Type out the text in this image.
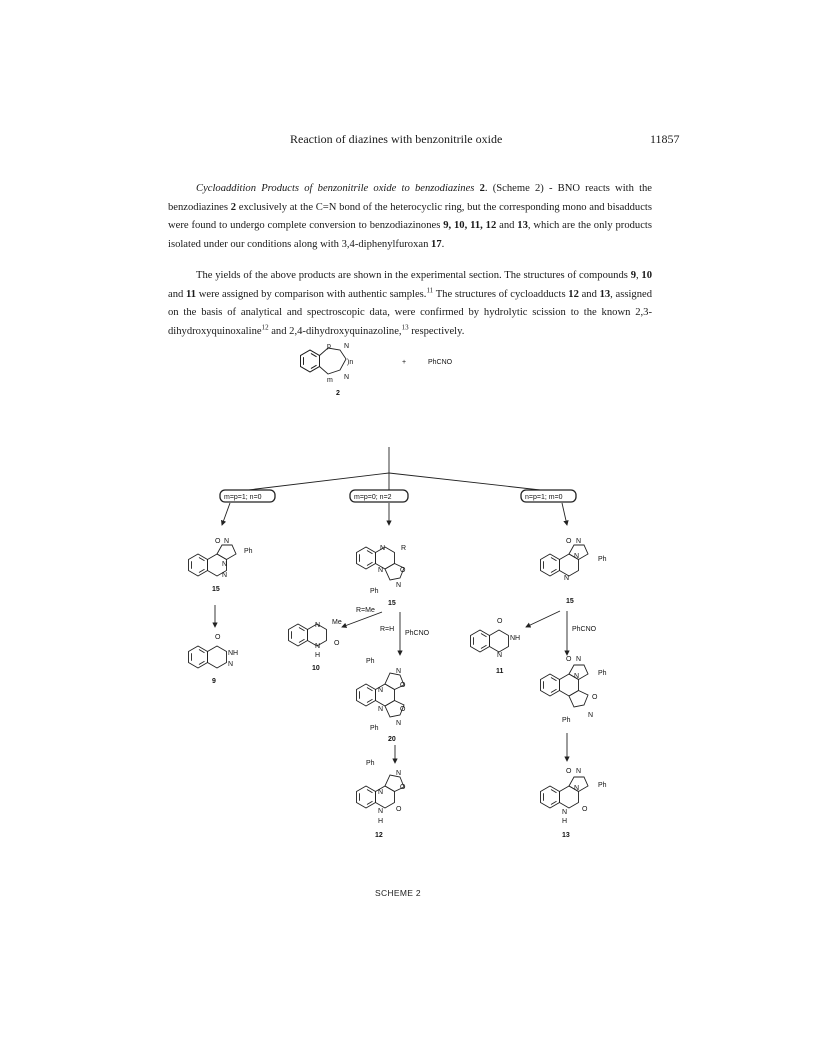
Reaction of diazines with benzonitrile oxide	11857
Cycloaddition Products of benzonitrile oxide to benzodiazines 2. (Scheme 2) - BNO reacts with the benzodiazines 2 exclusively at the C=N bond of the heterocyclic ring, but the corresponding mono and bisadducts were found to undergo complete conversion to benzodiazinones 9, 10, 11, 12 and 13, which are the only products isolated under our conditions along with 3,4-diphenylfuroxan 17.
The yields of the above products are shown in the experimental section. The structures of compounds 9, 10 and 11 were assigned by comparison with authentic samples.$^{11}$ The structures of cycloadducts 12 and 13, assigned on the basis of analytical and spectroscopic data, were confirmed by hydrolytic scission to the known 2,3-dihydroxyquinoxaline$^{12}$ and 2,4-dihydroxyquinazoline,$^{13}$ respectively.
p N
)n
N
m
2
+	PhCNO
m=p=1; n=0	m=p=0; n=2	n=p=1; m=0
O N
Ph
N
N
15
O
NH
N
9
N R
N O
N
Ph
15
R=Me
R=H
PhCNO
N Me
N O
H
10
Ph
N
O
N
N O
N
Ph
20
Ph
N
O
N
N O
H
12
O N
Ph
N
N
15
PhCNO
O
NH
N
11
O N
Ph
N
O
N
Ph
O N
Ph
N
N O
H
13
SCHEME 2
